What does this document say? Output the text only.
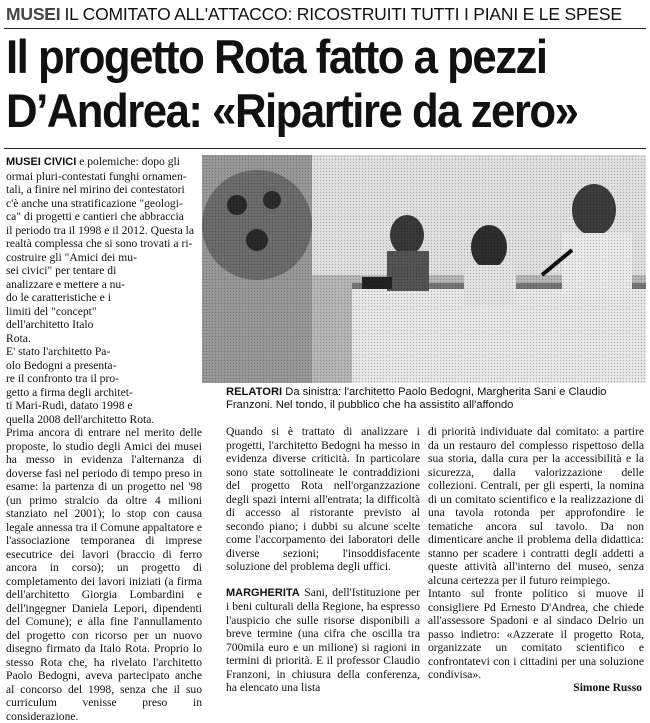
MUSEI IL COMITATO ALL'ATTACCO: RICOSTRUITI TUTTI I PIANI E LE SPESE
Il progetto Rota fatto a pezzi
D’Andrea: «Ripartire da zero»
RELATORI Da sinistra: l'architetto Paolo Bedogni, Margherita Sani e Claudio Franzoni. Nel tondo, il pubblico che ha assistito all'affondo

MUSEI CIVICI e polemiche: dopo gli

ormai pluri-contestati funghi ornamen-
tali, a finire nel mirino dei contestatori
c'è anche una stratificazione "geologi-
ca" di progetti e cantieri che abbraccia
il periodo tra il 1998 e il 2012. Questa la
realtà complessa che si sono trovati a ri-
costruire gli "Amici dei mu-
sei civici" per tentare di
analizzare e mettere a nu-
do le caratteristiche e i
limiti del "concept"
dell'architetto Italo
Rota.
E' stato l'architetto Pa-
olo Bedogni a presenta-
re il confronto tra il pro-
getto a firma degli architet-
ti Mari-Rudi, datato 1998 e
quella 2008 dell'architetto Rota.

Prima ancora di entrare nel merito delle proposte, lo studio degli Amici dei musei ha messo in evidenza l'alternanza di doverse fasi nel periodo di tempo preso in esame: la partenza di un progetto nel '98 (un primo stralcio da oltre 4 milioni stanziato nel 2001); lo stop con causa legale annessa tra il Comune appaltatore e l'associazione temporanea di imprese esecutrice dei lavori (braccio di ferro ancora in corso); un progetto di completamento dei lavori iniziati (a firma dell'architetto Giorgia Lombardini e dell'ingegner Daniela Lepori, dipendenti del Comune); e alla fine l'annullamento del progetto con ricorso per un nuovo disegno firmato da Italo Rota. Proprio lo stesso Rota che, ha rivelato l'architetto Paolo Bedogni, aveva partecipato anche al concorso del 1998, senza che il suo curriculum venisse preso in considerazione.

Quando si è trattato di analizzare i progetti, l'architetto Bedogni ha messo in evidenza diverse criticità. In particolare sono state sottolineate le contraddizioni del progetto Rota nell'organzzazione degli spazi interni all'entrata; la difficoltà di accesso al ristorante previsto al secondo piano; i dubbi su alcune scelte come l'accorpamento dei laboratori delle diverse sezioni; l'insoddisfacente soluzione del problema degli uffici.

MARGHERITA Sani, dell'Istituzione per i beni culturali della Regione, ha espresso l'auspicio che sulle risorse disponibili a breve termine (una cifra che oscilla tra 700mila euro e un milione) si ragioni in termini di priorità. E il professor Claudio Franzoni, in chiusura della conferenza, ha elencato una lista

di priorità individuate dal comitato: a partire da un restauro del complesso rispettoso della sua storia, dalla cura per la accessibilità e la sicurezza, dalla valorizzazione delle collezioni. Centrali, per gli esperti, la nomina di un comitato scientifico e la realizzazione di una tavola rotonda per approfondire le tematiche ancora sul tavolo. Da non dimenticare anche il problema della didattica: stanno per scadere i contratti degli addetti a queste attività all'interno del museo, senza alcuna certezza per il futuro reimpiego.

Intanto sul fronte politico si muove il consigliere Pd Ernesto D'Andrea, che chiede all'assessore Spadoni e al sindaco Delrio un passo indietro: «Azzerate il progetto Rota, organizzate un comitato scientifico e confrontatevi con i cittadini per una soluzione condivisa».

Simone Russo
